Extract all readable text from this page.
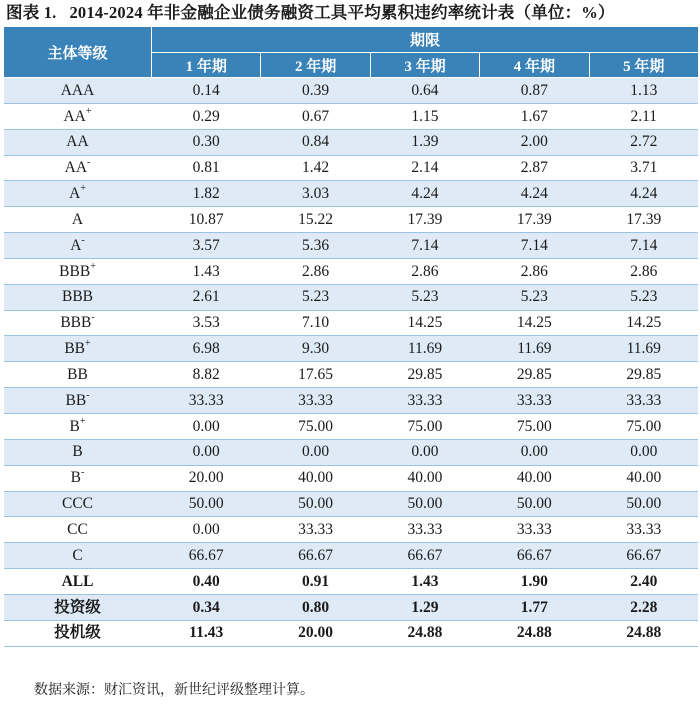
图表 1.   2014-2024 年非金融企业债务融资工具平均累积违约率统计表（单位：%）
主体等级	期限				
	1 年期	2 年期	3 年期	4 年期	5 年期
AAA	0.14	0.39	0.64	0.87	1.13
AA+	0.29	0.67	1.15	1.67	2.11
AA	0.30	0.84	1.39	2.00	2.72
AA-	0.81	1.42	2.14	2.87	3.71
A+	1.82	3.03	4.24	4.24	4.24
A	10.87	15.22	17.39	17.39	17.39
A-	3.57	5.36	7.14	7.14	7.14
BBB+	1.43	2.86	2.86	2.86	2.86
BBB	2.61	5.23	5.23	5.23	5.23
BBB-	3.53	7.10	14.25	14.25	14.25
BB+	6.98	9.30	11.69	11.69	11.69
BB	8.82	17.65	29.85	29.85	29.85
BB-	33.33	33.33	33.33	33.33	33.33
B+	0.00	75.00	75.00	75.00	75.00
B	0.00	0.00	0.00	0.00	0.00
B-	20.00	40.00	40.00	40.00	40.00
CCC	50.00	50.00	50.00	50.00	50.00
CC	0.00	33.33	33.33	33.33	33.33
C	66.67	66.67	66.67	66.67	66.67
ALL	0.40	0.91	1.43	1.90	2.40
投资级	0.34	0.80	1.29	1.77	2.28
投机级	11.43	20.00	24.88	24.88	24.88
数据来源：财汇资讯，新世纪评级整理计算。
